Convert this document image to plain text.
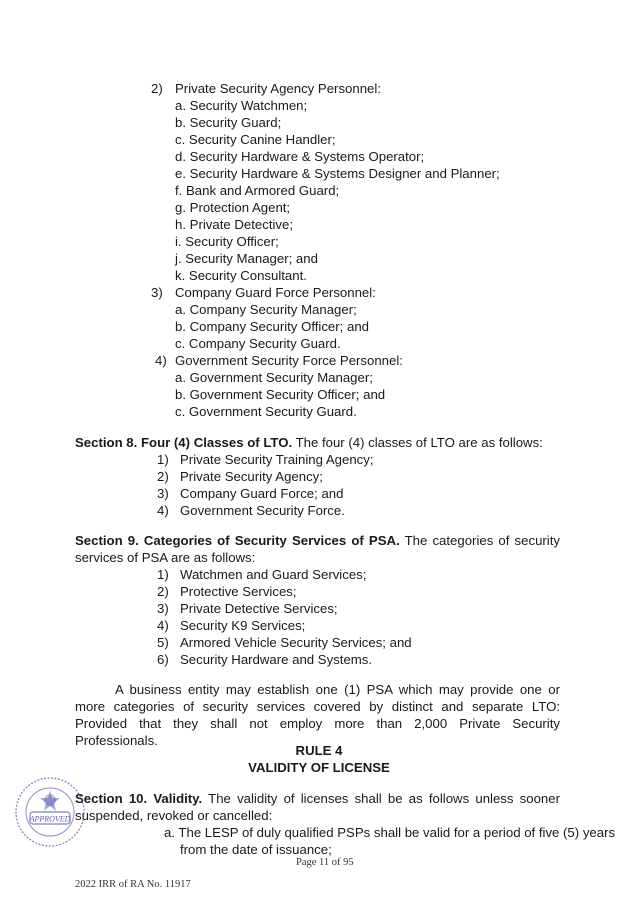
2) Private Security Agency Personnel:
a. Security Watchmen;
b. Security Guard;
c. Security Canine Handler;
d. Security Hardware & Systems Operator;
e. Security Hardware & Systems Designer and Planner;
f. Bank and Armored Guard;
g. Protection Agent;
h. Private Detective;
i. Security Officer;
j. Security Manager; and
k. Security Consultant.
3) Company Guard Force Personnel:
a. Company Security Manager;
b. Company Security Officer; and
c. Company Security Guard.
4) Government Security Force Personnel:
a. Government Security Manager;
b. Government Security Officer; and
c. Government Security Guard.
Section 8. Four (4) Classes of LTO. The four (4) classes of LTO are as follows:
1) Private Security Training Agency;
2) Private Security Agency;
3) Company Guard Force; and
4) Government Security Force.
Section 9. Categories of Security Services of PSA. The categories of security services of PSA are as follows:
1) Watchmen and Guard Services;
2) Protective Services;
3) Private Detective Services;
4) Security K9 Services;
5) Armored Vehicle Security Services; and
6) Security Hardware and Systems.
A business entity may establish one (1) PSA which may provide one or more categories of security services covered by distinct and separate LTO: Provided that they shall not employ more than 2,000 Private Security Professionals.
RULE 4
VALIDITY OF LICENSE
Section 10. Validity. The validity of licenses shall be as follows unless sooner suspended, revoked or cancelled:
a. The LESP of duly qualified PSPs shall be valid for a period of five (5) years
from the date of issuance;
APPROVED
Page 11 of 95
2022 IRR of RA No. 11917
